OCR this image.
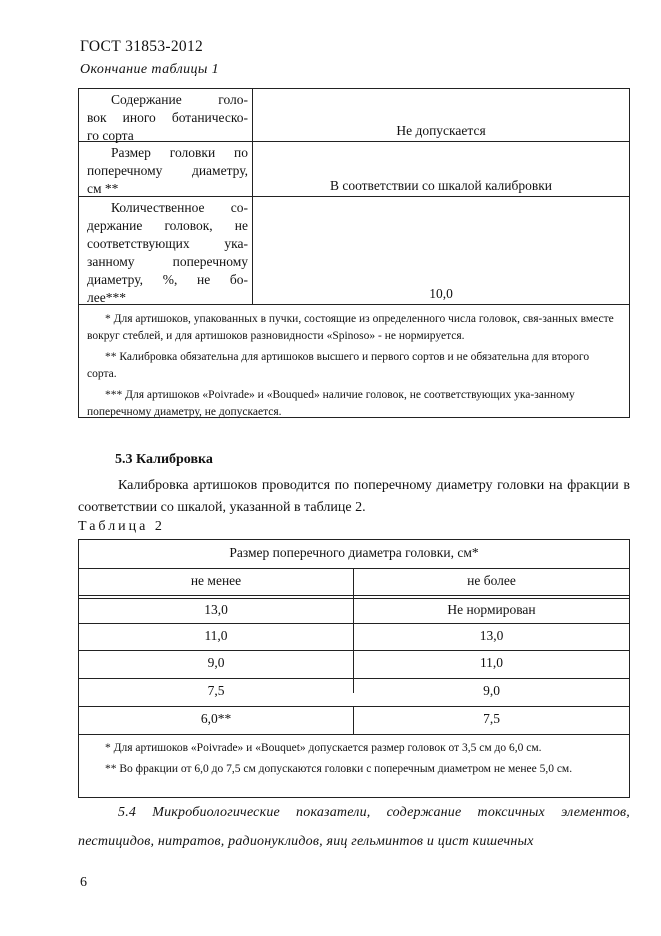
ГОСТ 31853-2012
Окончание таблицы 1
Содержание голо-
вок иного ботаническо-
го сорта	Не допускается
Размер головки по
поперечному диаметру,
см **	В соответствии со шкалой калибровки
Количественное со-
держание головок, не
соответствующих ука-
занному поперечному
диаметру, %, не бо-
лее***	10,0

* Для артишоков, упакованных в пучки, состоящие из определенного числа головок, свя-занных вместе вокруг стеблей, и для артишоков разновидности «Spinoso» - не нормируется.

** Калибровка обязательна для артишоков высшего и первого сортов и не обязательна для второго сорта.

*** Для артишоков «Poivrade» и «Bouqued» наличие головок, не соответствующих ука-занному поперечному диаметру, не допускается.

5.3 Калибровка
Калибровка артишоков проводится по поперечному диаметру головки на фракции в соответствии со шкалой, указанной в таблице 2.
Таблица 2
Размер поперечного диаметра головки, см*
не менее	не более
13,0	Не нормирован
11,0	13,0
9,0	11,0
7,5	9,0
6,0**	7,5

* Для артишоков «Poivrade» и «Bouquet» допускается размер головок от 3,5 см до 6,0 см.

** Во фракции от 6,0 до 7,5 см допускаются головки с поперечным диаметром не менее 5,0 см.

5.4 Микробиологические показатели, содержание токсичных элементов, пестицидов, нитратов, радионуклидов, яиц гельминтов и цист кишечных
6
